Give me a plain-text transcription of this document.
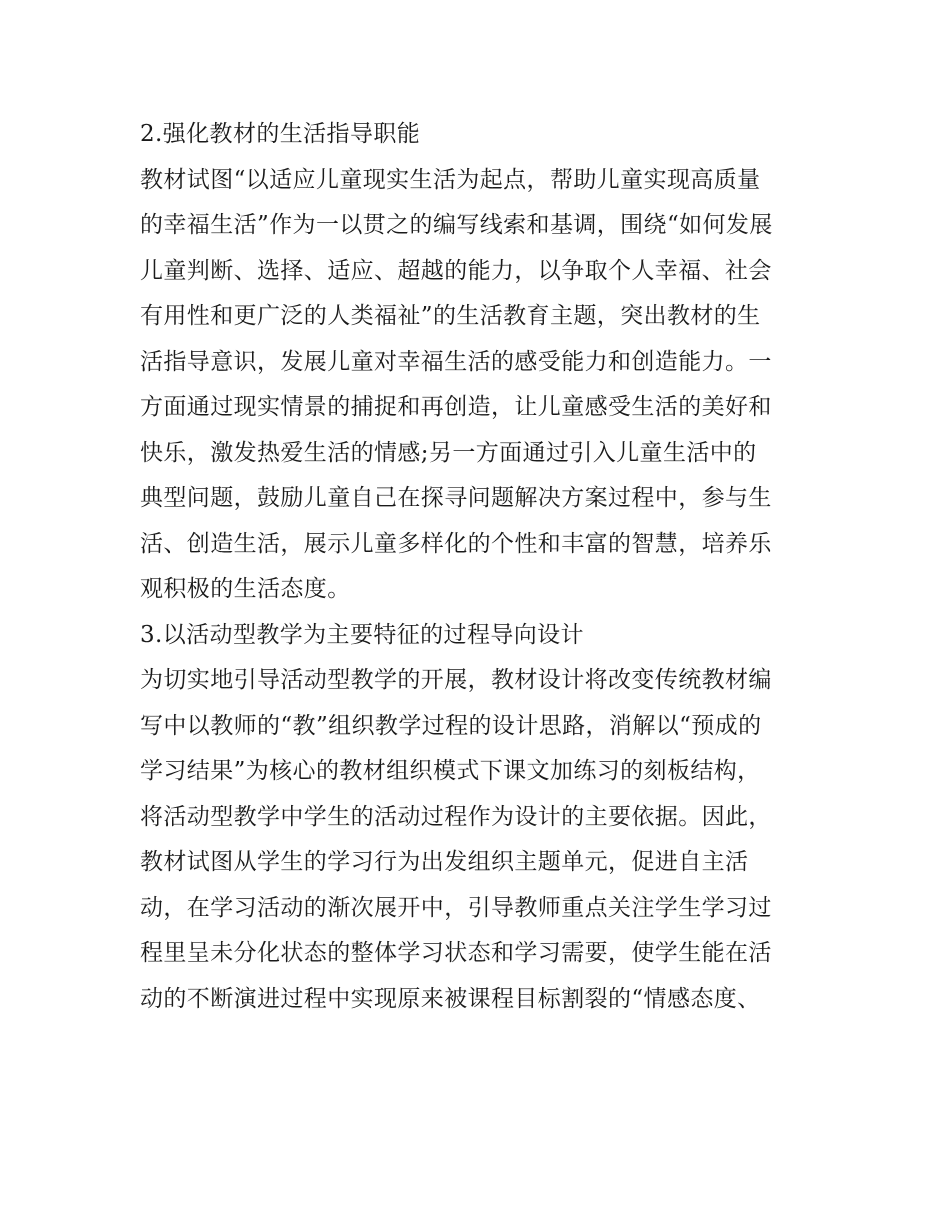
2.强化教材的生活指导职能
教材试图“以适应儿童现实生活为起点，帮助儿童实现高质量
的幸福生活”作为一以贯之的编写线索和基调，围绕“如何发展
儿童判断、选择、适应、超越的能力，以争取个人幸福、社会
有用性和更广泛的人类福祉”的生活教育主题，突出教材的生
活指导意识，发展儿童对幸福生活的感受能力和创造能力。一
方面通过现实情景的捕捉和再创造，让儿童感受生活的美好和
快乐，激发热爱生活的情感;另一方面通过引入儿童生活中的
典型问题，鼓励儿童自己在探寻问题解决方案过程中，参与生
活、创造生活，展示儿童多样化的个性和丰富的智慧，培养乐
观积极的生活态度。
3.以活动型教学为主要特征的过程导向设计
为切实地引导活动型教学的开展，教材设计将改变传统教材编
写中以教师的“教”组织教学过程的设计思路，消解以“预成的
学习结果”为核心的教材组织模式下课文加练习的刻板结构，
将活动型教学中学生的活动过程作为设计的主要依据。因此，
教材试图从学生的学习行为出发组织主题单元，促进自主活
动，在学习活动的渐次展开中，引导教师重点关注学生学习过
程里呈未分化状态的整体学习状态和学习需要，使学生能在活
动的不断演进过程中实现原来被课程目标割裂的“情感态度、
